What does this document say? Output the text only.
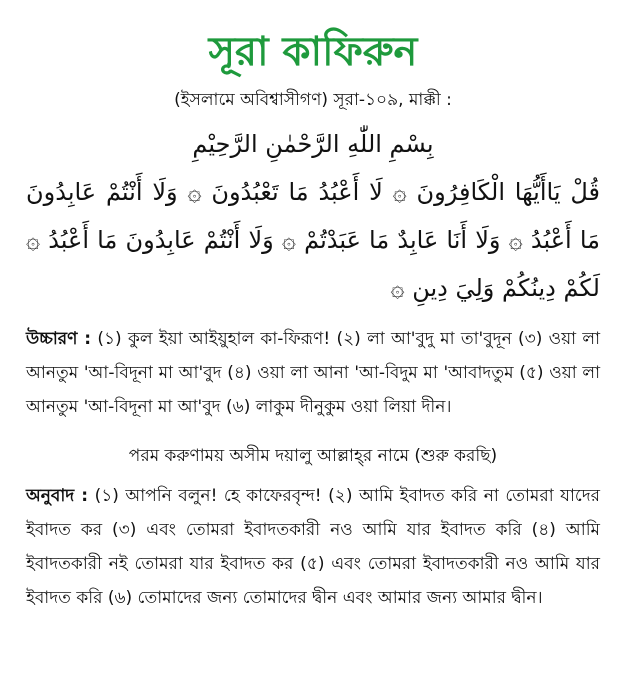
সূরা কাফিরুন
(ইসলামে অবিশ্বাসীগণ) সূরা-১০৯, মাক্কী :
بِسْمِ اللّٰهِ الرَّحْمٰنِ الرَّحِيْمِ
قُلْ يَاأَيُّهَا الْكَافِرُونَ ۞ لَا أَعْبُدُ مَا تَعْبُدُونَ ۞ وَلَا أَنْتُمْ عَابِدُونَ مَا أَعْبُدُ ۞ وَلَا أَنَا عَابِدٌ مَا عَبَدْتُمْ ۞ وَلَا أَنْتُمْ عَابِدُونَ مَا أَعْبُدُ ۞ لَكُمْ دِينُكُمْ وَلِيَ دِينِ ۞

উচ্চারণ : (১) কুল ইয়া আইয়ুহাল কা-ফিরূণ! (২) লা আ'বুদু মা তা'বুদূন (৩) ওয়া লা আনতুম 'আ-বিদূনা মা আ'বুদ (৪) ওয়া লা আনা 'আ-বিদুম মা 'আবাদতুম (৫) ওয়া লা আনতুম 'আ-বিদূনা মা আ'বুদ (৬) লাকুম দীনুকুম ওয়া লিয়া দীন।

পরম করুণাময় অসীম দয়ালু আল্লাহ্‌র নামে (শুরু করছি)

অনুবাদ : (১) আপনি বলুন! হে কাফেরবৃন্দ! (২) আমি ইবাদত করি না তোমরা যাদের ইবাদত কর (৩) এবং তোমরা ইবাদতকারী নও আমি যার ইবাদত করি (৪) আমি ইবাদতকারী নই তোমরা যার ইবাদত কর (৫) এবং তোমরা ইবাদতকারী নও আমি যার ইবাদত করি (৬) তোমাদের জন্য তোমাদের দ্বীন এবং আমার জন্য আমার দ্বীন।
